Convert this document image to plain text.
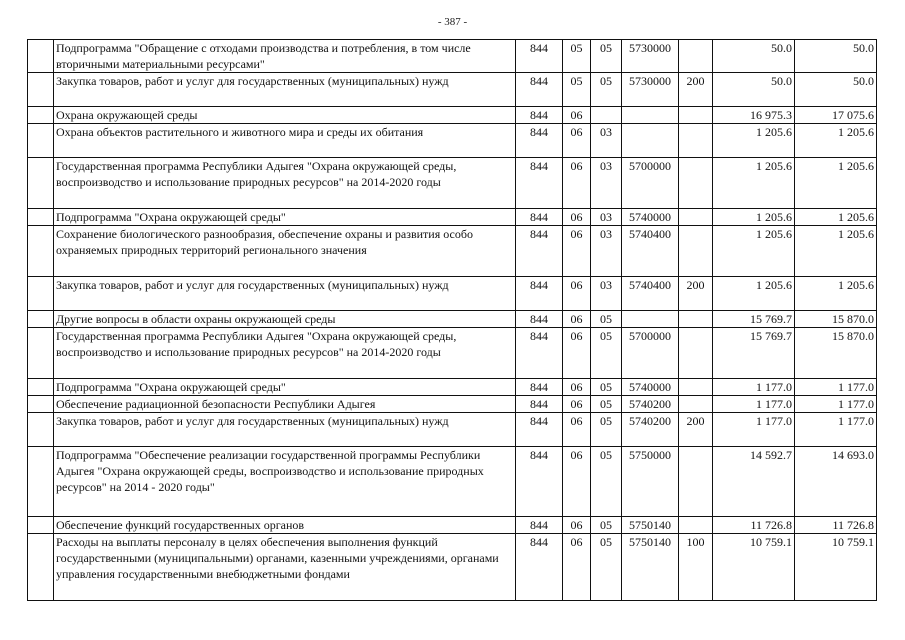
- 387 -
	Подпрограмма "Обращение с отходами производства и потребления, в том числе вторичными материальными ресурсами"	844	05	05	5730000		50.0	50.0
	Закупка товаров, работ и услуг для государственных (муниципальных) нужд	844	05	05	5730000	200	50.0	50.0
	Охрана окружающей среды	844	06				16 975.3	17 075.6
	Охрана объектов растительного и животного мира и среды их обитания	844	06	03			1 205.6	1 205.6
	Государственная программа Республики Адыгея "Охрана окружающей среды, воспроизводство и использование природных ресурсов" на 2014-2020 годы	844	06	03	5700000		1 205.6	1 205.6
	Подпрограмма "Охрана окружающей среды"	844	06	03	5740000		1 205.6	1 205.6
	Сохранение биологического разнообразия, обеспечение охраны и развития особо охраняемых природных территорий регионального значения	844	06	03	5740400		1 205.6	1 205.6
	Закупка товаров, работ и услуг для государственных (муниципальных) нужд	844	06	03	5740400	200	1 205.6	1 205.6
	Другие вопросы в области охраны окружающей среды	844	06	05			15 769.7	15 870.0
	Государственная программа Республики Адыгея "Охрана окружающей среды, воспроизводство и использование природных ресурсов" на 2014-2020 годы	844	06	05	5700000		15 769.7	15 870.0
	Подпрограмма "Охрана окружающей среды"	844	06	05	5740000		1 177.0	1 177.0
	Обеспечение радиационной безопасности Республики Адыгея	844	06	05	5740200		1 177.0	1 177.0
	Закупка товаров, работ и услуг для государственных (муниципальных) нужд	844	06	05	5740200	200	1 177.0	1 177.0
	Подпрограмма "Обеспечение реализации государственной программы Республики Адыгея "Охрана окружающей среды, воспроизводство и использование природных ресурсов" на 2014 - 2020 годы"	844	06	05	5750000		14 592.7	14 693.0
	Обеспечение функций государственных органов	844	06	05	5750140		11 726.8	11 726.8
	Расходы на выплаты персоналу в целях обеспечения выполнения функций государственными (муниципальными) органами, казенными учреждениями, органами управления государственными внебюджетными фондами	844	06	05	5750140	100	10 759.1	10 759.1
